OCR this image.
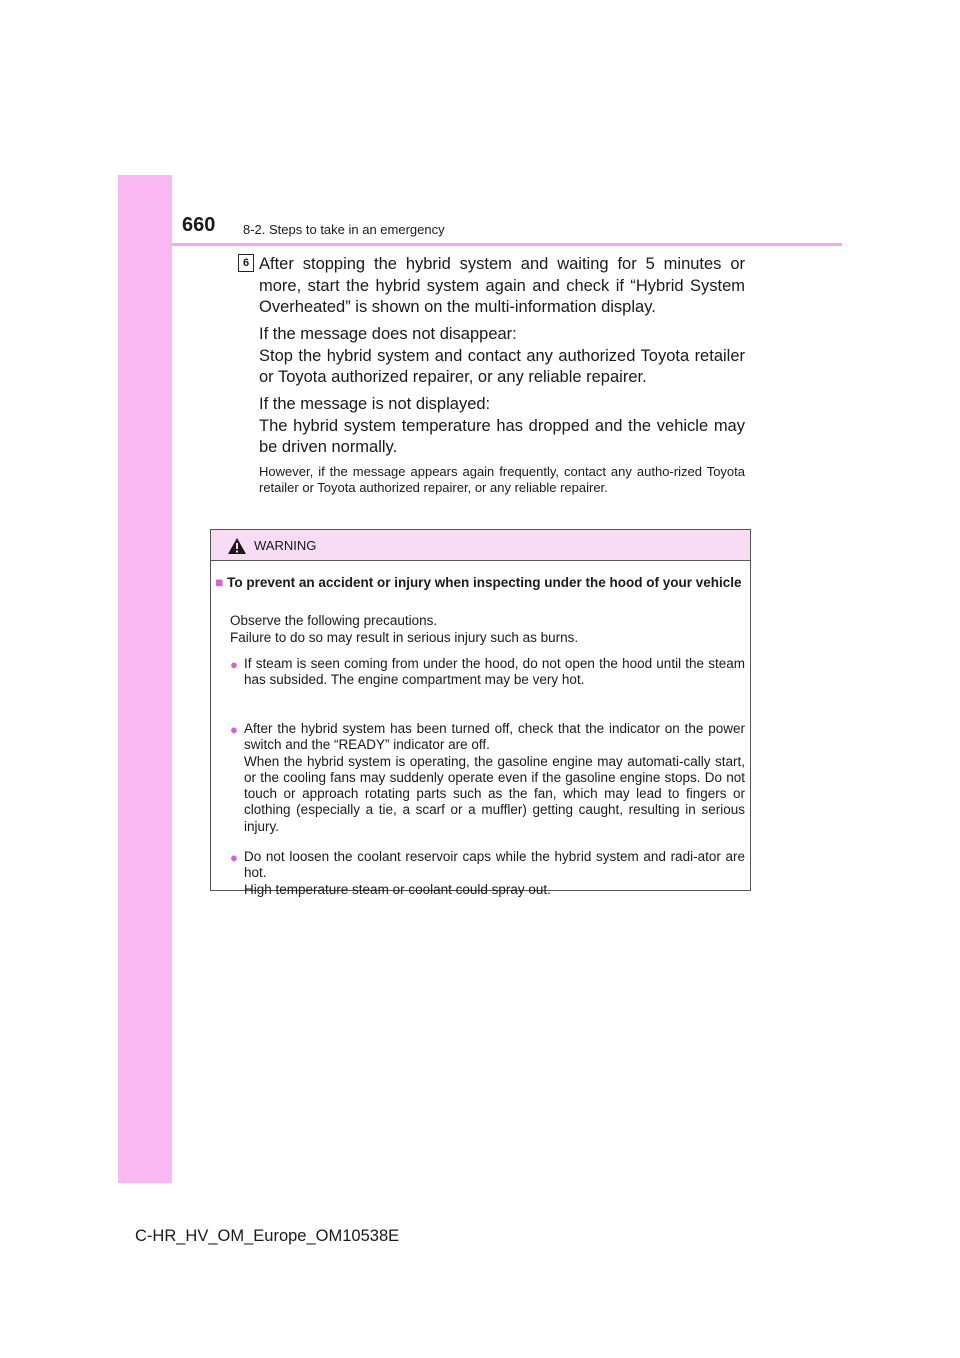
660 8-2. Steps to take in an emergency
6 After stopping the hybrid system and waiting for 5 minutes or more, start the hybrid system again and check if “Hybrid System Overheated” is shown on the multi-information display.
If the message does not disappear:
Stop the hybrid system and contact any authorized Toyota retailer or Toyota authorized repairer, or any reliable repairer.
If the message is not displayed:
The hybrid system temperature has dropped and the vehicle may be driven normally.
However, if the message appears again frequently, contact any autho-rized Toyota retailer or Toyota authorized repairer, or any reliable repairer.
WARNING
■ To prevent an accident or injury when inspecting under the hood of your vehicle
Observe the following precautions.
Failure to do so may result in serious injury such as burns.
● If steam is seen coming from under the hood, do not open the hood until the steam has subsided. The engine compartment may be very hot.
● After the hybrid system has been turned off, check that the indicator on the power switch and the “READY” indicator are off.
When the hybrid system is operating, the gasoline engine may automati-cally start, or the cooling fans may suddenly operate even if the gasoline engine stops. Do not touch or approach rotating parts such as the fan, which may lead to fingers or clothing (especially a tie, a scarf or a muffler) getting caught, resulting in serious injury.
● Do not loosen the coolant reservoir caps while the hybrid system and radi-ator are hot.
High temperature steam or coolant could spray out.
C-HR_HV_OM_Europe_OM10538E
